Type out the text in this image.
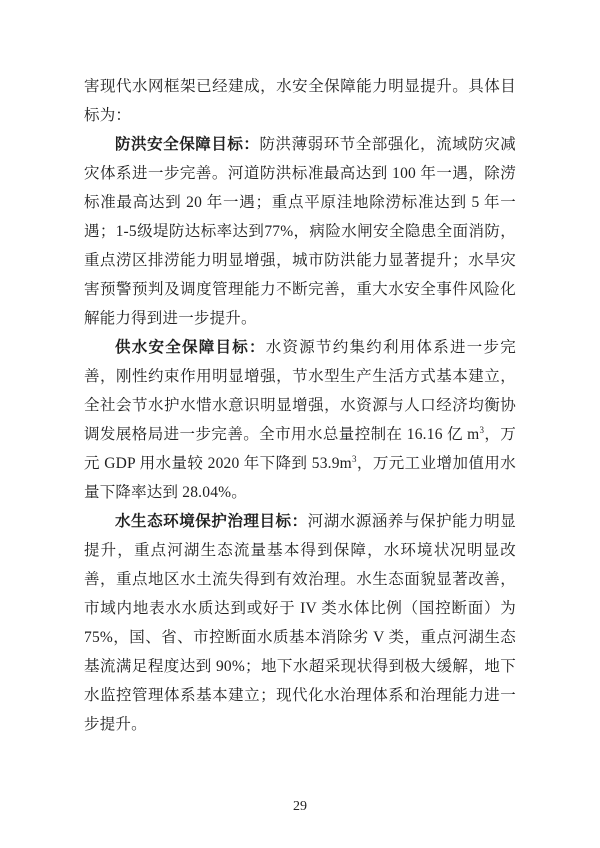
害现代水网框架已经建成，水安全保障能力明显提升。具体目标为：

防洪安全保障目标：防洪薄弱环节全部强化，流域防灾减灾体系进一步完善。河道防洪标准最高达到 100 年一遇，除涝标准最高达到 20 年一遇；重点平原洼地除涝标准达到 5 年一遇；1-5级堤防达标率达到77%，病险水闸安全隐患全面消防，重点涝区排涝能力明显增强，城市防洪能力显著提升；水旱灾害预警预判及调度管理能力不断完善，重大水安全事件风险化解能力得到进一步提升。

供水安全保障目标：水资源节约集约利用体系进一步完善，刚性约束作用明显增强，节水型生产生活方式基本建立，全社会节水护水惜水意识明显增强，水资源与人口经济均衡协调发展格局进一步完善。全市用水总量控制在 16.16 亿 $m^3$，万元 GDP 用水量较 2020 年下降到 $53.9m^3$，万元工业增加值用水量下降率达到 28.04%。

水生态环境保护治理目标：河湖水源涵养与保护能力明显提升，重点河湖生态流量基本得到保障，水环境状况明显改善，重点地区水土流失得到有效治理。水生态面貌显著改善，市域内地表水水质达到或好于 IV 类水体比例（国控断面）为 75%，国、省、市控断面水质基本消除劣 V 类，重点河湖生态基流满足程度达到 90%；地下水超采现状得到极大缓解，地下水监控管理体系基本建立；现代化水治理体系和治理能力进一步提升。

29
